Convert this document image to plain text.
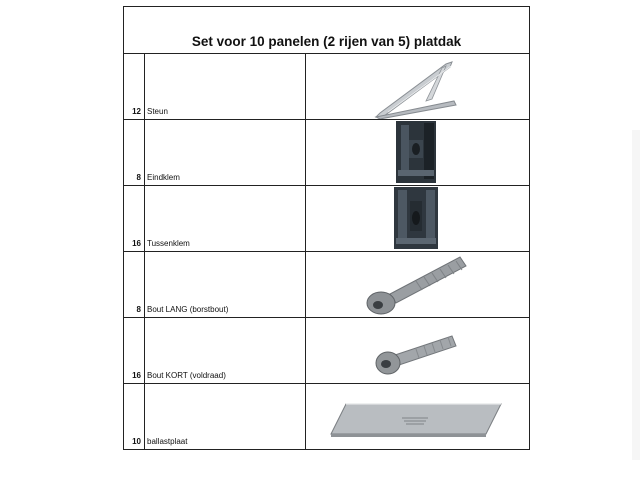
Set voor 10 panelen (2 rijen van 5) platdak
12 Steun
8 Eindklem
16 Tussenklem
8 Bout LANG (borstbout)
16 Bout KORT (voldraad)
10 ballastplaat
